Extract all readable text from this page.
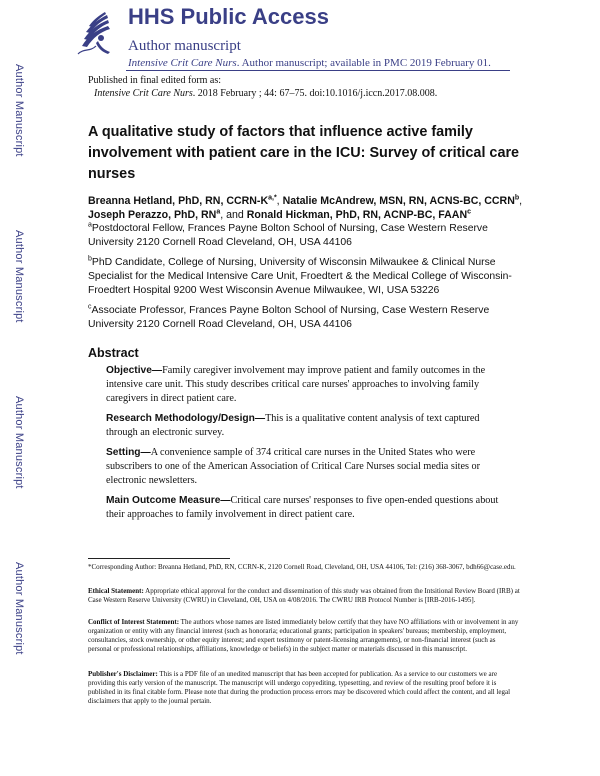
Author Manuscript
Author Manuscript
Author Manuscript
Author Manuscript
HHS Public Access
Author manuscript
Intensive Crit Care Nurs. Author manuscript; available in PMC 2019 February 01.
Published in final edited form as:
Intensive Crit Care Nurs. 2018 February ; 44: 67–75. doi:10.1016/j.iccn.2017.08.008.
A qualitative study of factors that influence active family involvement with patient care in the ICU: Survey of critical care nurses
Breanna Hetland, PhD, RN, CCRN-$K^{a,*}$, Natalie McAndrew, MSN, RN, ACNS-BC, CCRN$^b$, Joseph Perazzo, PhD, $RN^a$, and Ronald Hickman, PhD, RN, ACNP-BC, FAAN$^c$
$^a$Postdoctoral Fellow, Frances Payne Bolton School of Nursing, Case Western Reserve University 2120 Cornell Road Cleveland, OH, USA 44106
$^b$PhD Candidate, College of Nursing, University of Wisconsin Milwaukee & Clinical Nurse Specialist for the Medical Intensive Care Unit, Froedtert & the Medical College of Wisconsin-Froedtert Hospital 9200 West Wisconsin Avenue Milwaukee, WI, USA 53226
$^c$Associate Professor, Frances Payne Bolton School of Nursing, Case Western Reserve University 2120 Cornell Road Cleveland, OH, USA 44106
Abstract
Objective—Family caregiver involvement may improve patient and family outcomes in the intensive care unit. This study describes critical care nurses' approaches to involving family caregivers in direct patient care.
Research Methodology/Design—This is a qualitative content analysis of text captured through an electronic survey.
Setting—A convenience sample of 374 critical care nurses in the United States who were subscribers to one of the American Association of Critical Care Nurses social media sites or electronic newsletters.
Main Outcome Measure—Critical care nurses' responses to five open-ended questions about their approaches to family involvement in direct patient care.
*Corresponding Author: Breanna Hetland, PhD, RN, CCRN-K, 2120 Cornell Road, Cleveland, OH, USA 44106, Tel: (216) 368-3067, bdh66@case.edu.
Ethical Statement: Appropriate ethical approval for the conduct and dissemination of this study was obtained from the Intsitional Review Board (IRB) at Case Western Reserve University (CWRU) in Cleveland, OH, USA on 4/08/2016. The CWRU IRB Protocol Number is [IRB-2016-1495].
Conflict of Interest Statement: The authors whose names are listed immediately below certify that they have NO affiliations with or involvement in any organization or entity with any financial interest (such as honoraria; educational grants; participation in speakers' bureaus; membership, employment, consultancies, stock ownership, or other equity interest; and expert testimony or patent-licensing arrangements), or non-financial interest (such as personal or professional relationships, affiliations, knowledge or beliefs) in the subject matter or materials discussed in this manuscript.
Publisher's Disclaimer: This is a PDF file of an unedited manuscript that has been accepted for publication. As a service to our customers we are providing this early version of the manuscript. The manuscript will undergo copyediting, typesetting, and review of the resulting proof before it is published in its final citable form. Please note that during the production process errors may be discovered which could affect the content, and all legal disclaimers that apply to the journal pertain.
